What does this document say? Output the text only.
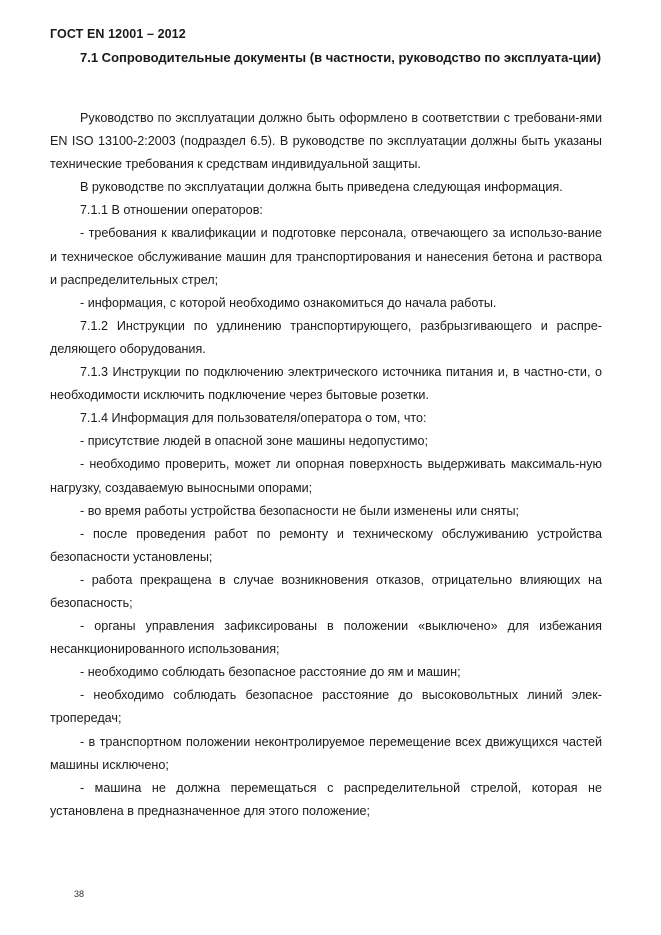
ГОСТ EN 12001 – 2012
7.1 Сопроводительные документы (в частности, руководство по эксплуата-ции)

Руководство по эксплуатации должно быть оформлено в соответствии с требовани-ями EN ISO 13100-2:2003 (подраздел 6.5). В руководстве по эксплуатации должны быть указаны технические требования к средствам индивидуальной защиты.

В руководстве по эксплуатации должна быть приведена следующая информация.

7.1.1 В отношении операторов:

- требования к квалификации и подготовке персонала, отвечающего за использо-вание и техническое обслуживание машин для транспортирования и нанесения бетона и раствора и распределительных стрел;

- информация, с которой необходимо ознакомиться до начала работы.

7.1.2 Инструкции по удлинению транспортирующего, разбрызгивающего и распре-деляющего оборудования.

7.1.3 Инструкции по подключению электрического источника питания и, в частно-сти, о необходимости исключить подключение через бытовые розетки.

7.1.4 Информация для пользователя/оператора о том, что:

- присутствие людей в опасной зоне машины недопустимо;

- необходимо проверить, может ли опорная поверхность выдерживать максималь-ную нагрузку, создаваемую выносными опорами;

- во время работы устройства безопасности не были изменены или сняты;

- после проведения работ по ремонту и техническому обслуживанию устройства безопасности установлены;

- работа прекращена в случае возникновения отказов, отрицательно влияющих на безопасность;

- органы управления зафиксированы в положении «выключено» для избежания несанкционированного использования;

- необходимо соблюдать безопасное расстояние до ям и машин;

- необходимо соблюдать безопасное расстояние до высоковольтных линий элек-тропередач;

- в транспортном положении неконтролируемое перемещение всех движущихся частей машины исключено;

- машина не должна перемещаться с распределительной стрелой, которая не установлена в предназначенное для этого положение;

38
